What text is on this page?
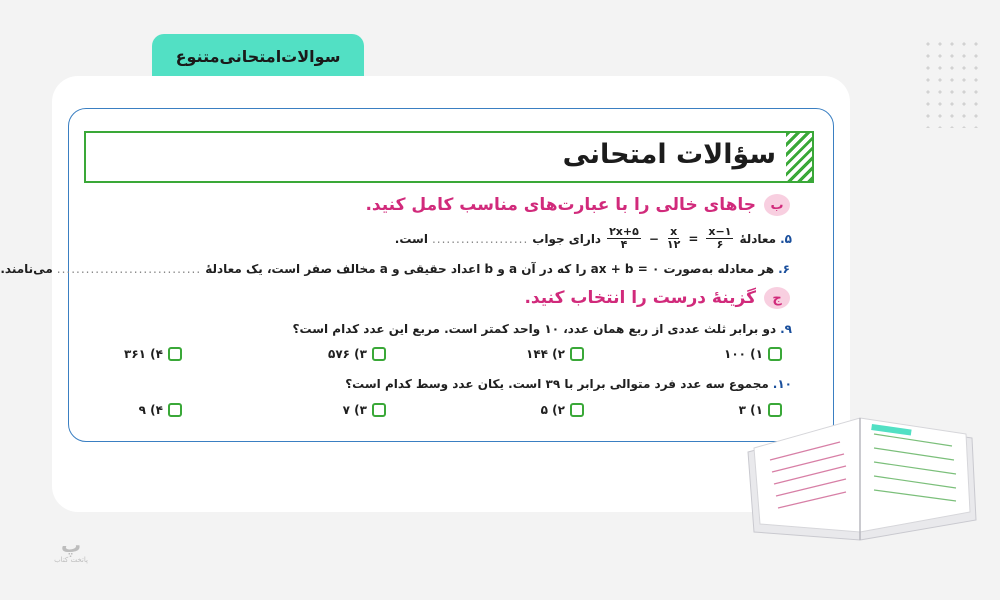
سوالات‌امتحانی‌متنوع
سؤالات امتحانی
ب
جاهای خالی را با عبارت‌های مناسب کامل کنید.
۵.
معادلهٔ
$\frac{۱-x}{۶}$
=
$\frac{x}{۱۲}$
−
$\frac{۲x+۵}{۴}$
دارای جواب
....................
است.
۶.
هر معادله به‌صورت ۰ = ax + b را که در آن a و b اعداد حقیقی و a مخالف صفر است، یک معادلهٔ
..............................
می‌نامند.
ج
گزینهٔ درست را انتخاب کنید.
۹.
دو برابر ثلث عددی از ربع همان عدد، ۱۰ واحد کمتر است. مربع این عدد کدام است؟
۱) ۱۰۰
۲) ۱۴۴
۳) ۵۷۶
۴) ۳۶۱
۱۰.
مجموع سه عدد فرد متوالی برابر با ۳۹ است. یکان عدد وسط کدام است؟
۱) ۳
۲) ۵
۳) ۷
۴) ۹
پ
پاتخت کتاب
